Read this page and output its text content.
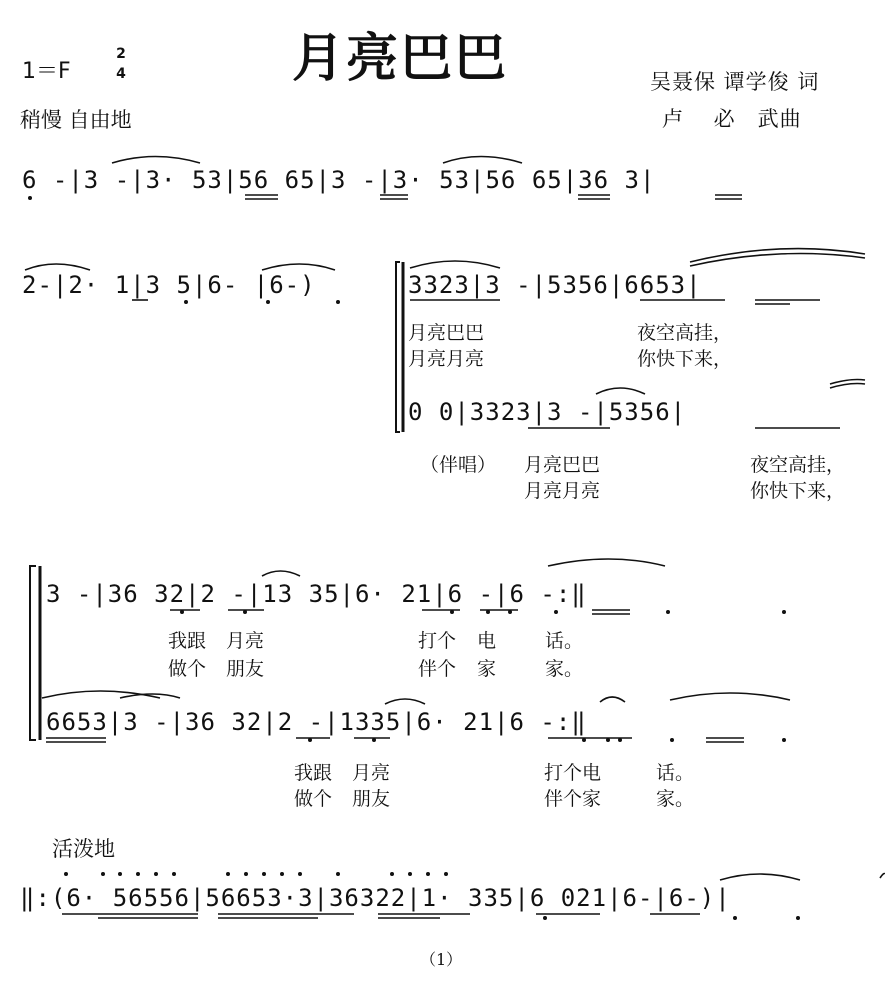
月亮巴巴
1＝F
2
4
稍慢 自由地
吴聂保 谭学俊 词
卢　 必　武曲
6 -|3 -|3· 53|56 65|3 -|3· 53|56 65|36 3|
2-|2· 1|3 5|6- |6-)	3323|3 -|5356|6653|
月亮巴巴	夜空高挂，
月亮月亮	你快下来，
0 0|3323|3 -|5356|
（伴唱） 月亮巴巴	夜空高挂，
月亮月亮	你快下来，
3 -|36 32|2 -|13 35|6· 21|6 -|6 -:‖
我跟 月亮	打个 电	话。
做个 朋友	伴个 家	家。
6653|3 -|36 32|2 -|1335|6· 21|6 -:‖
我跟 月亮	打个电	话。
做个 朋友	伴个家	家。
活泼地
‖:(6· 56556|56653·3|36322|1· 335|6 021|6-|6-)|
（1）
